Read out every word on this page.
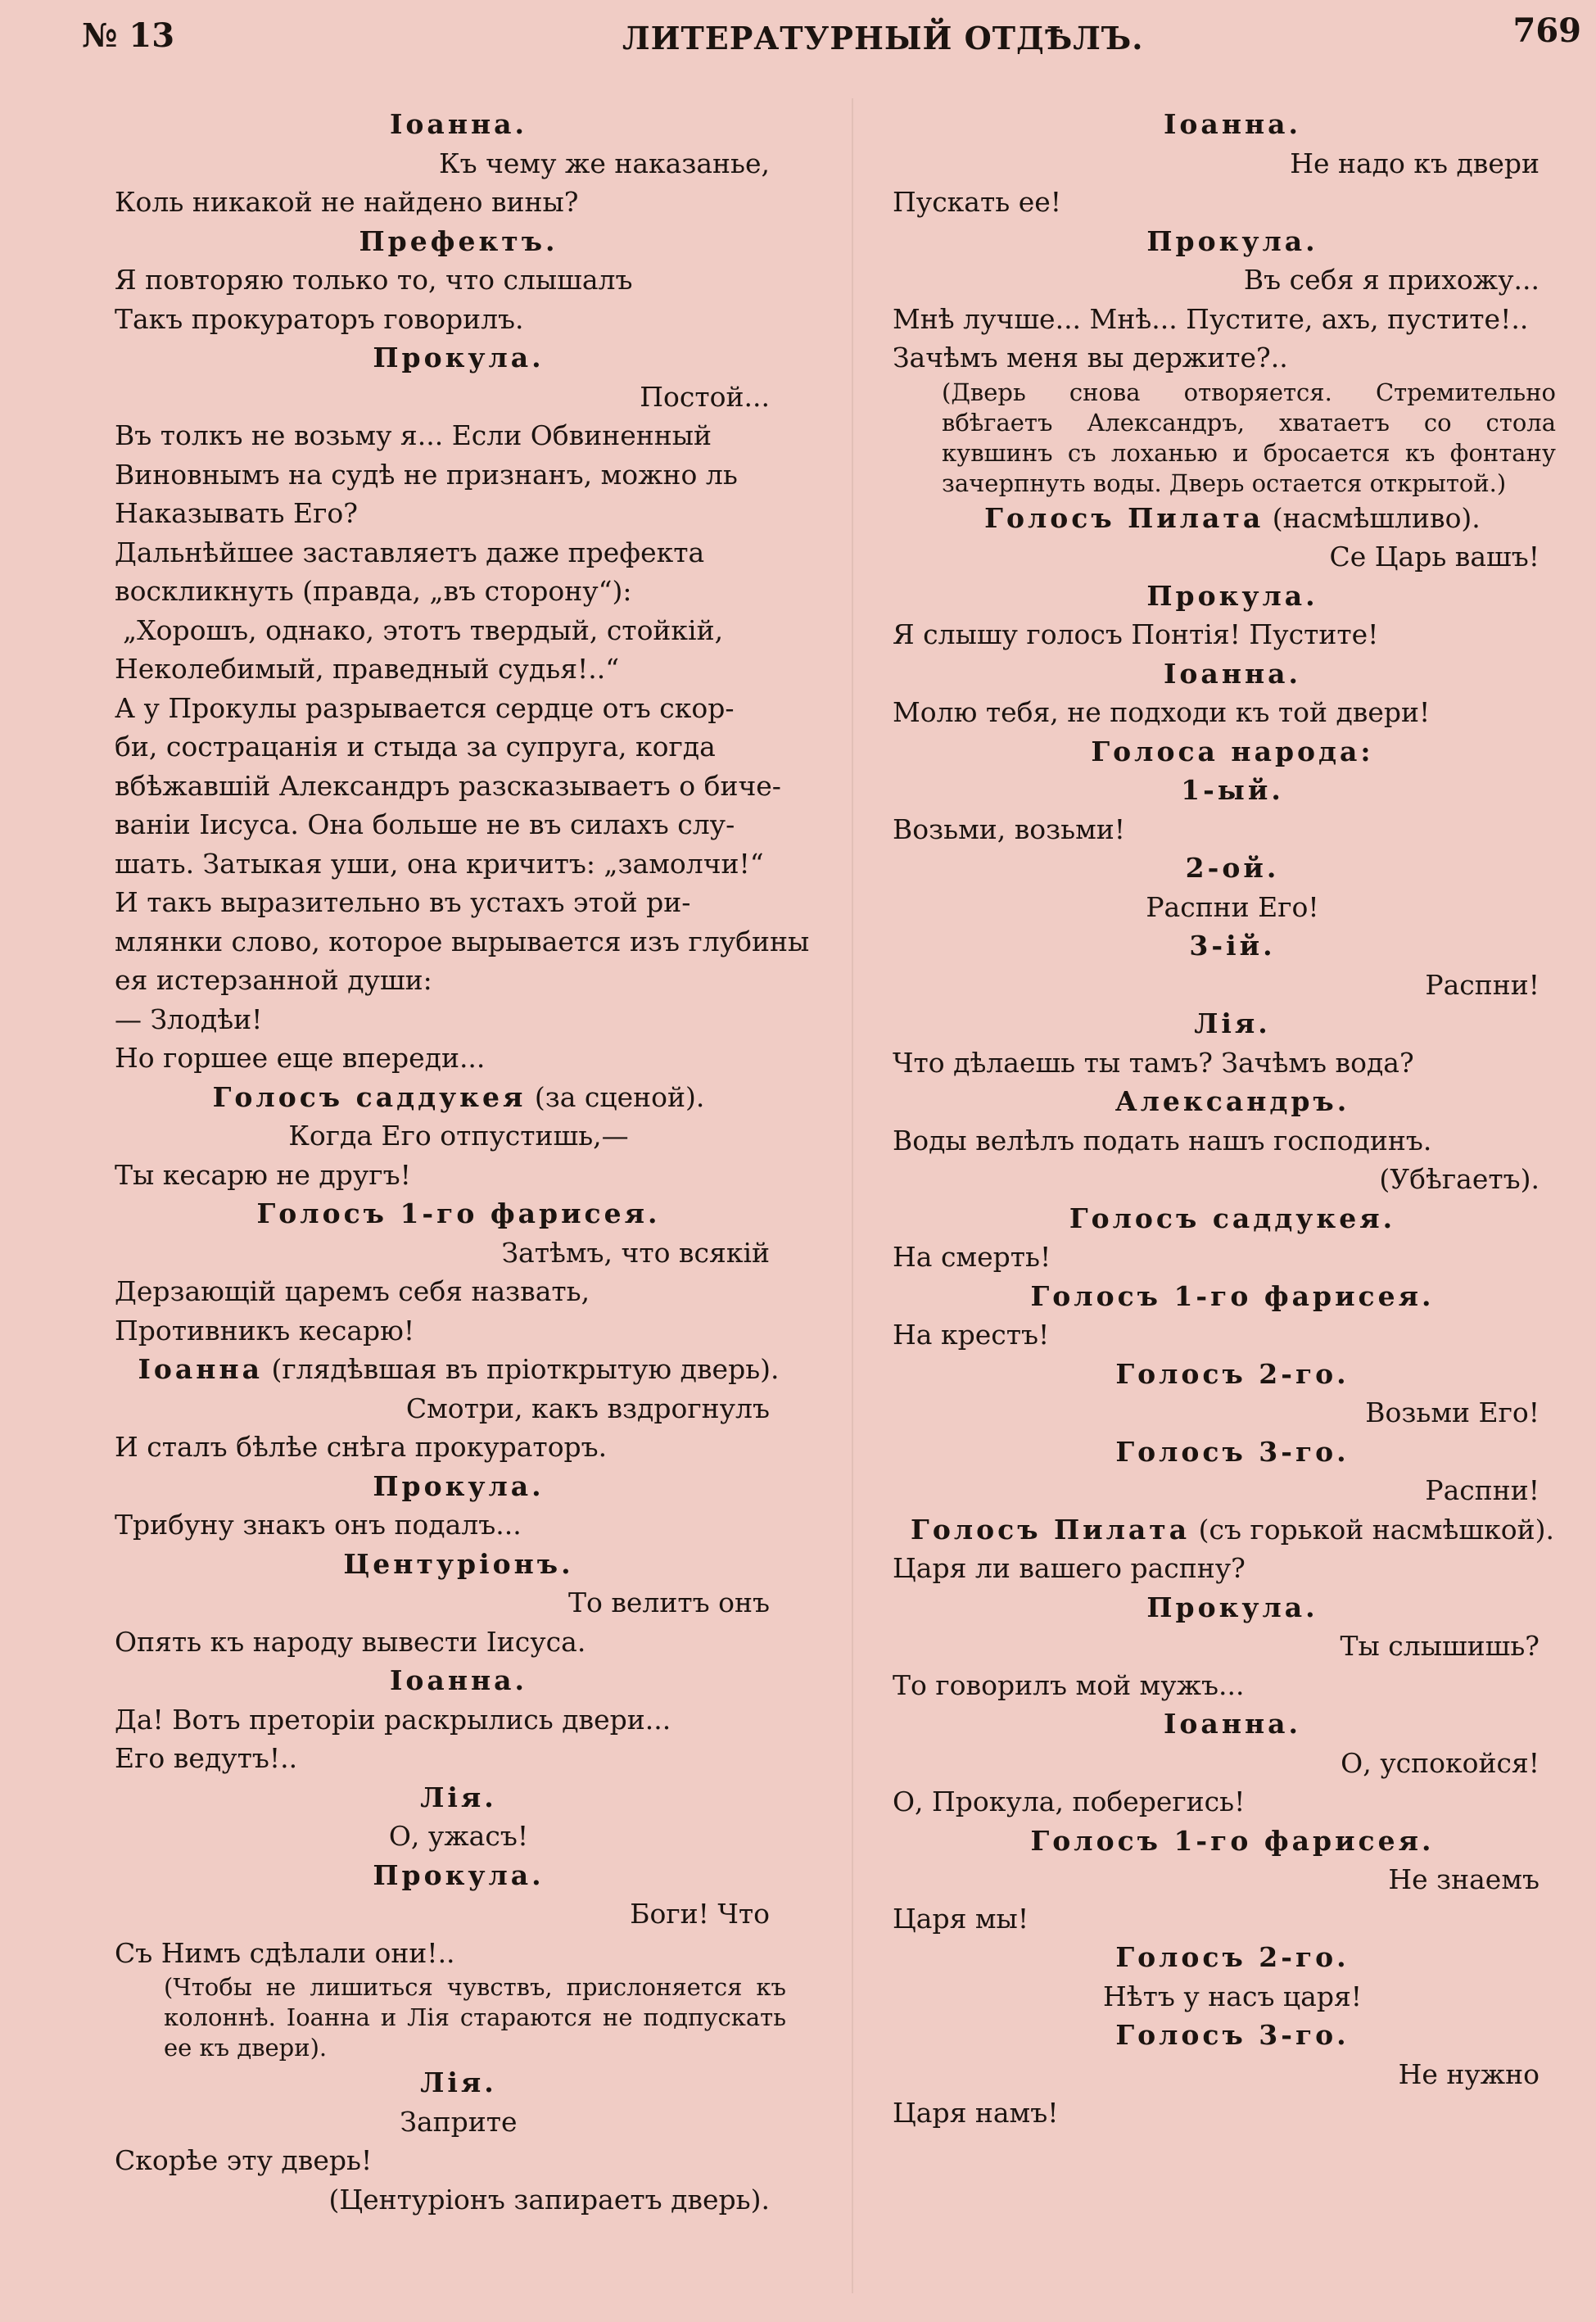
№ 13	ЛИТЕРАТУРНЫЙ ОТДѢЛЪ.	769
Іоанна.
Къ чему же наказанье,
Коль никакой не найдено вины?
Префектъ.
Я повторяю только то, что слышалъ
Такъ прокураторъ говорилъ.
Прокула.
Постой...
Въ толкъ не возьму я... Если Обвиненный
Виновнымъ на судѣ не признанъ, можно ль
Наказывать Его?
Дальнѣйшее заставляетъ даже префекта
воскликнуть (правда, „въ сторону“):
„Хорошъ, однако, этотъ твердый, стойкій,
Неколебимый, праведный судья!..“
А у Прокулы разрывается сердце отъ скор-
би, сострацанія и стыда за супруга, когда
вбѣжавшій Александръ разсказываетъ о бичe-
ваніи Іисуса. Она больше не въ силахъ слу-
шать. Затыкая уши, она кричитъ: „замолчи!“
И такъ выразительно въ устахъ этой ри-
млянки слово, которое вырывается изъ глубины
ея истерзанной души:
— Злодѣи!
Но горшее еще впереди...
Голосъ саддукея (за сценой).
Когда Его отпустишь,—
Ты кесарю не другъ!
Голосъ 1-го фарисея.
Затѣмъ, что всякій
Дерзающій царемъ себя назвать,
Противникъ кесарю!
Іоанна (глядѣвшая въ пріоткрытую дверь).
Смотри, какъ вздрогнулъ
И сталъ бѣлѣе снѣга прокураторъ.
Прокула.
Трибуну знакъ онъ подалъ...
Центуріонъ.
То велитъ онъ
Опять къ народу вывести Іисуса.
Іоанна.
Да! Вотъ преторіи раскрылись двери...
Его ведутъ!..
Лія.
О, ужасъ!
Прокула.
Боги! Что
Съ Нимъ сдѣлали они!..
(Чтобы не лишиться чувствъ, прислоняется къ колоннѣ. Іоанна и Лія стараются не подпускать ее къ двери).
Лія.
Заприте
Скорѣе эту дверь!
(Центуріонъ запираетъ дверь).
Іоанна.
Не надо къ двери
Пускать ее!
Прокула.
Въ себя я прихожу...
Мнѣ лучше... Мнѣ... Пустите, ахъ, пустите!..
Зачѣмъ меня вы держите?..
(Дверь снова отворяется. Стремительно вбѣгаетъ Александръ, хватаетъ со стола кувшинъ съ лоханью и бросается къ фонтану зачерпнуть воды. Дверь остается открытой.)
Голосъ Пилата (насмѣшливо).
Се Царь вашъ!
Прокула.
Я слышу голосъ Понтія! Пустите!
Іоанна.
Молю тебя, не подходи къ той двери!
Голоса народа:
1-ый.
Возьми, возьми!
2-ой.
Распни Его!
3-ій.
Распни!
Лія.
Что дѣлаешь ты тамъ? Зачѣмъ вода?
Александръ.
Воды велѣлъ подать нашъ господинъ.
(Убѣгаетъ).
Голосъ саддукея.
На смерть!
Голосъ 1-го фарисея.
На крестъ!
Голосъ 2-го.
Возьми Его!
Голосъ 3-го.
Распни!
Голосъ Пилата (съ горькой насмѣшкой).
Царя ли вашего распну?
Прокула.
Ты слышишь?
То говорилъ мой мужъ...
Іоанна.
О, успокойся!
О, Прокула, поберегись!
Голосъ 1-го фарисея.
Не знаемъ
Царя мы!
Голосъ 2-го.
Нѣтъ у насъ царя!
Голосъ 3-го.
Не нужно
Царя намъ!
